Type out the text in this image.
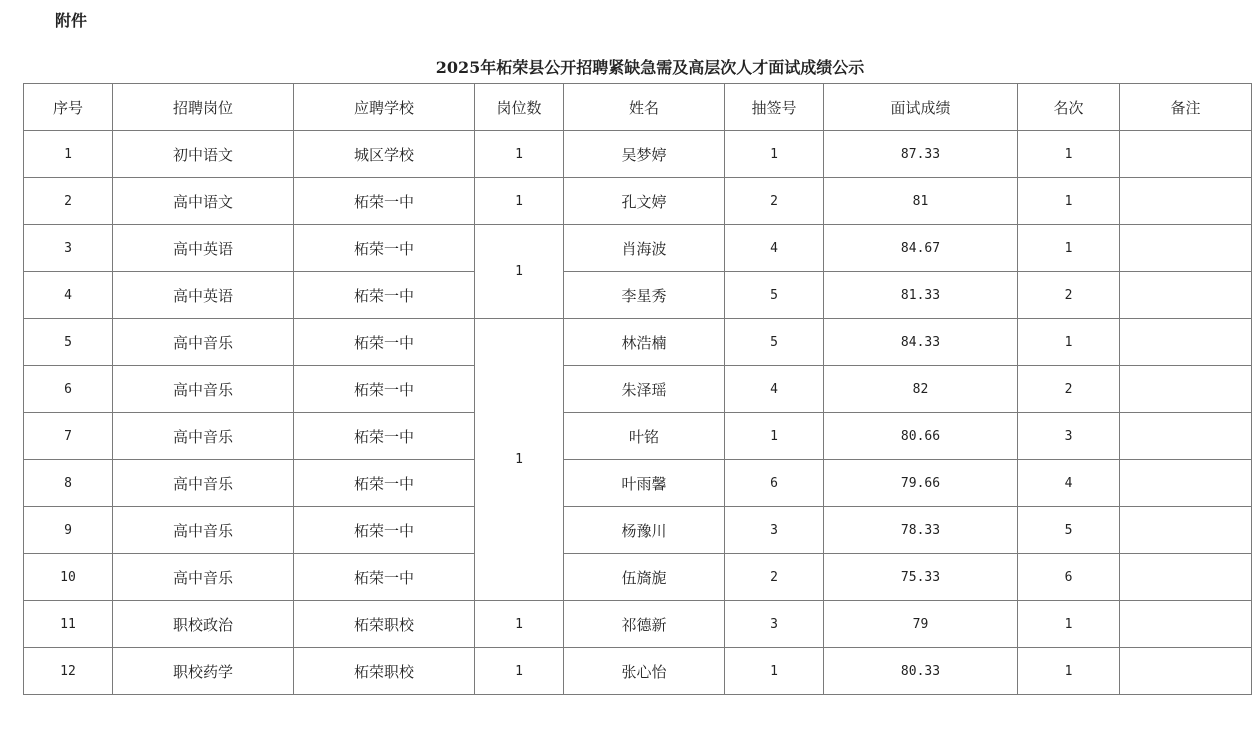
附件
2025年柘荣县公开招聘紧缺急需及高层次人才面试成绩公示
序号	招聘岗位	应聘学校	岗位数	姓名	抽签号	面试成绩	名次	备注
1	初中语文	城区学校	1	吴梦婷	1	87.33	1	
2	高中语文	柘荣一中	1	孔文婷	2	81	1	
3	高中英语	柘荣一中	1	肖海波	4	84.67	1	
4	高中英语	柘荣一中		李星秀	5	81.33	2	
5	高中音乐	柘荣一中	1	林浩楠	5	84.33	1	
6	高中音乐	柘荣一中		朱泽瑶	4	82	2	
7	高中音乐	柘荣一中		叶铭	1	80.66	3	
8	高中音乐	柘荣一中		叶雨馨	6	79.66	4	
9	高中音乐	柘荣一中		杨豫川	3	78.33	5	
10	高中音乐	柘荣一中		伍旖旎	2	75.33	6	
11	职校政治	柘荣职校	1	祁德新	3	79	1	
12	职校药学	柘荣职校	1	张心怡	1	80.33	1	
